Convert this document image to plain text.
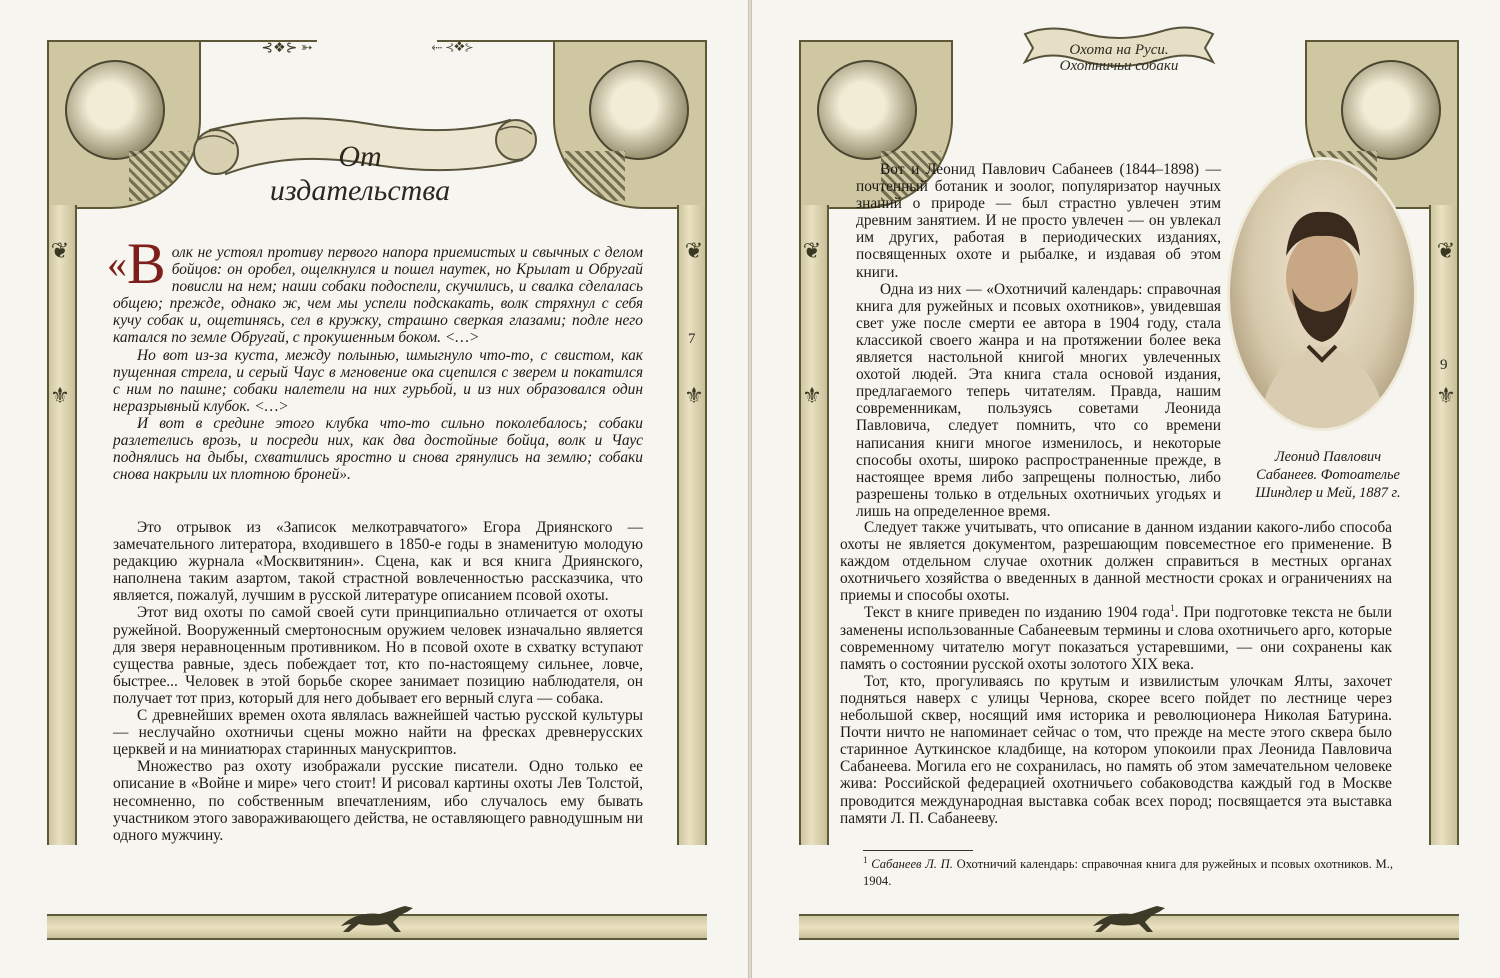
⊰❖⊱ ➳	⬸ ⊰❖⊱
❦
⚜
❦
⚜
От издательства
7

«В олк не устоял противу первого напора приемистых и свычных с делом бойцов: он оробел, ощелкнулся и пошел наутек, но Крылат и Обругай повисли на нем; наши собаки подоспели, скучились, и свалка сделалась общею; прежде, однако ж, чем мы успели подскакать, волк стряхнул с себя кучу собак и, ощетинясь, сел в кружку, страшно сверкая глазами; подле него катался по земле Обругай, с прокушенным боком. <…>

Но вот из-за куста, между полынью, шмыгнуло что-то, с свистом, как пущенная стрела, и серый Чаус в мгновение ока сцепился с зверем и покатился с ним по пашне; собаки налетели на них гурьбой, и из них образовался один неразрывный клубок. <…>

И вот в средине этого клубка что-то сильно поколебалось; собаки разлетелись врозь, и посреди них, как два достойные бойца, волк и Чаус поднялись на дыбы, схватились яростно и снова грянулись на землю; собаки снова накрыли их плотною броней».

Это отрывок из «Записок мелкотравчатого» Егора Дриянского — замечательного литератора, входившего в 1850-е годы в знаменитую молодую редакцию журнала «Москвитянин». Сцена, как и вся книга Дриянского, наполнена таким азартом, такой страстной вовлеченностью рассказчика, что является, пожалуй, лучшим в русской литературе описанием псовой охоты.

Этот вид охоты по самой своей сути принципиально отличается от охоты ружейной. Вооруженный смертоносным оружием человек изначально является для зверя неравноценным противником. Но в псовой охоте в схватку вступают существа равные, здесь побеждает тот, кто по-настоящему сильнее, ловче, быстрее... Человек в этой борьбе скорее занимает позицию наблюдателя, он получает тот приз, который для него добывает его верный слуга — собака.

С древнейших времен охота являлась важнейшей частью русской культуры — неслучайно охотничьи сцены можно найти на фресках древнерусских церквей и на миниатюрах старинных манускриптов.

Множество раз охоту изображали русские писатели. Одно только ее описание в «Войне и мире» чего стоит! И рисовал картины охоты Лев Толстой, несомненно, по собственным впечатлениям, ибо случалось ему бывать участником этого завораживающего действа, не оставляющего равнодушным ни одного мужчину.

❦
⚜
❦
⚜
Охота на Руси.
Охотничьи собаки
9
Леонид Павлович
Сабанеев. Фотоателье
Шиндлер и Мей, 1887 г.

Вот и Леонид Павлович Сабанеев (1844–1898) — почтенный ботаник и зоолог, популяризатор научных знаний о природе — был страстно увлечен этим древним занятием. И не просто увлечен — он увлекал им других, работая в периодических изданиях, посвященных охоте и рыбалке, и издавая об этом книги.

Одна из них — «Охотничий календарь: справочная книга для ружейных и псовых охотников», увидевшая свет уже после смерти ее автора в 1904 году, стала классикой своего жанра и на протяжении более века является настольной книгой многих увлеченных охотой людей. Эта книга стала основой издания, предлагаемого теперь читателям. Правда, нашим современникам, пользуясь советами Леонида Павловича, следует помнить, что со времени написания книги многое изменилось, и некоторые способы охоты, широко распространенные прежде, в настоящее время либо запрещены полностью, либо разрешены только в отдельных охотничьих угодьях и лишь на определенное время.

Следует также учитывать, что описание в данном издании какого-либо способа охоты не является документом, разрешающим повсеместное его применение. В каждом отдельном случае охотник должен справиться в местных органах охотничьего хозяйства о введенных в данной местности сроках и ограничениях на приемы и способы охоты.

Текст в книге приведен по изданию 1904 года$^1$. При подготовке текста не были заменены использованные Сабанеевым термины и слова охотничьего арго, которые современному читателю могут показаться устаревшими, — они сохранены как память о состоянии русской охоты золотого XIX века.

Тот, кто, прогуливаясь по крутым и извилистым улочкам Ялты, захочет подняться наверх с улицы Чернова, скорее всего пойдет по лестнице через небольшой сквер, носящий имя историка и революционера Николая Батурина. Почти ничто не напоминает сейчас о том, что прежде на месте этого сквера было старинное Ауткинское кладбище, на котором упокоили прах Леонида Павловича Сабанеева. Могила его не сохранилась, но память об этом замечательном человеке жива: Российской федерацией охотничьего собаководства каждый год в Москве проводится международная выставка собак всех пород; посвящается эта выставка памяти Л. П. Сабанееву.

$^1$ Сабанеев Л. П. Охотничий календарь: справочная книга для ружейных и псовых охотников. М., 1904.
